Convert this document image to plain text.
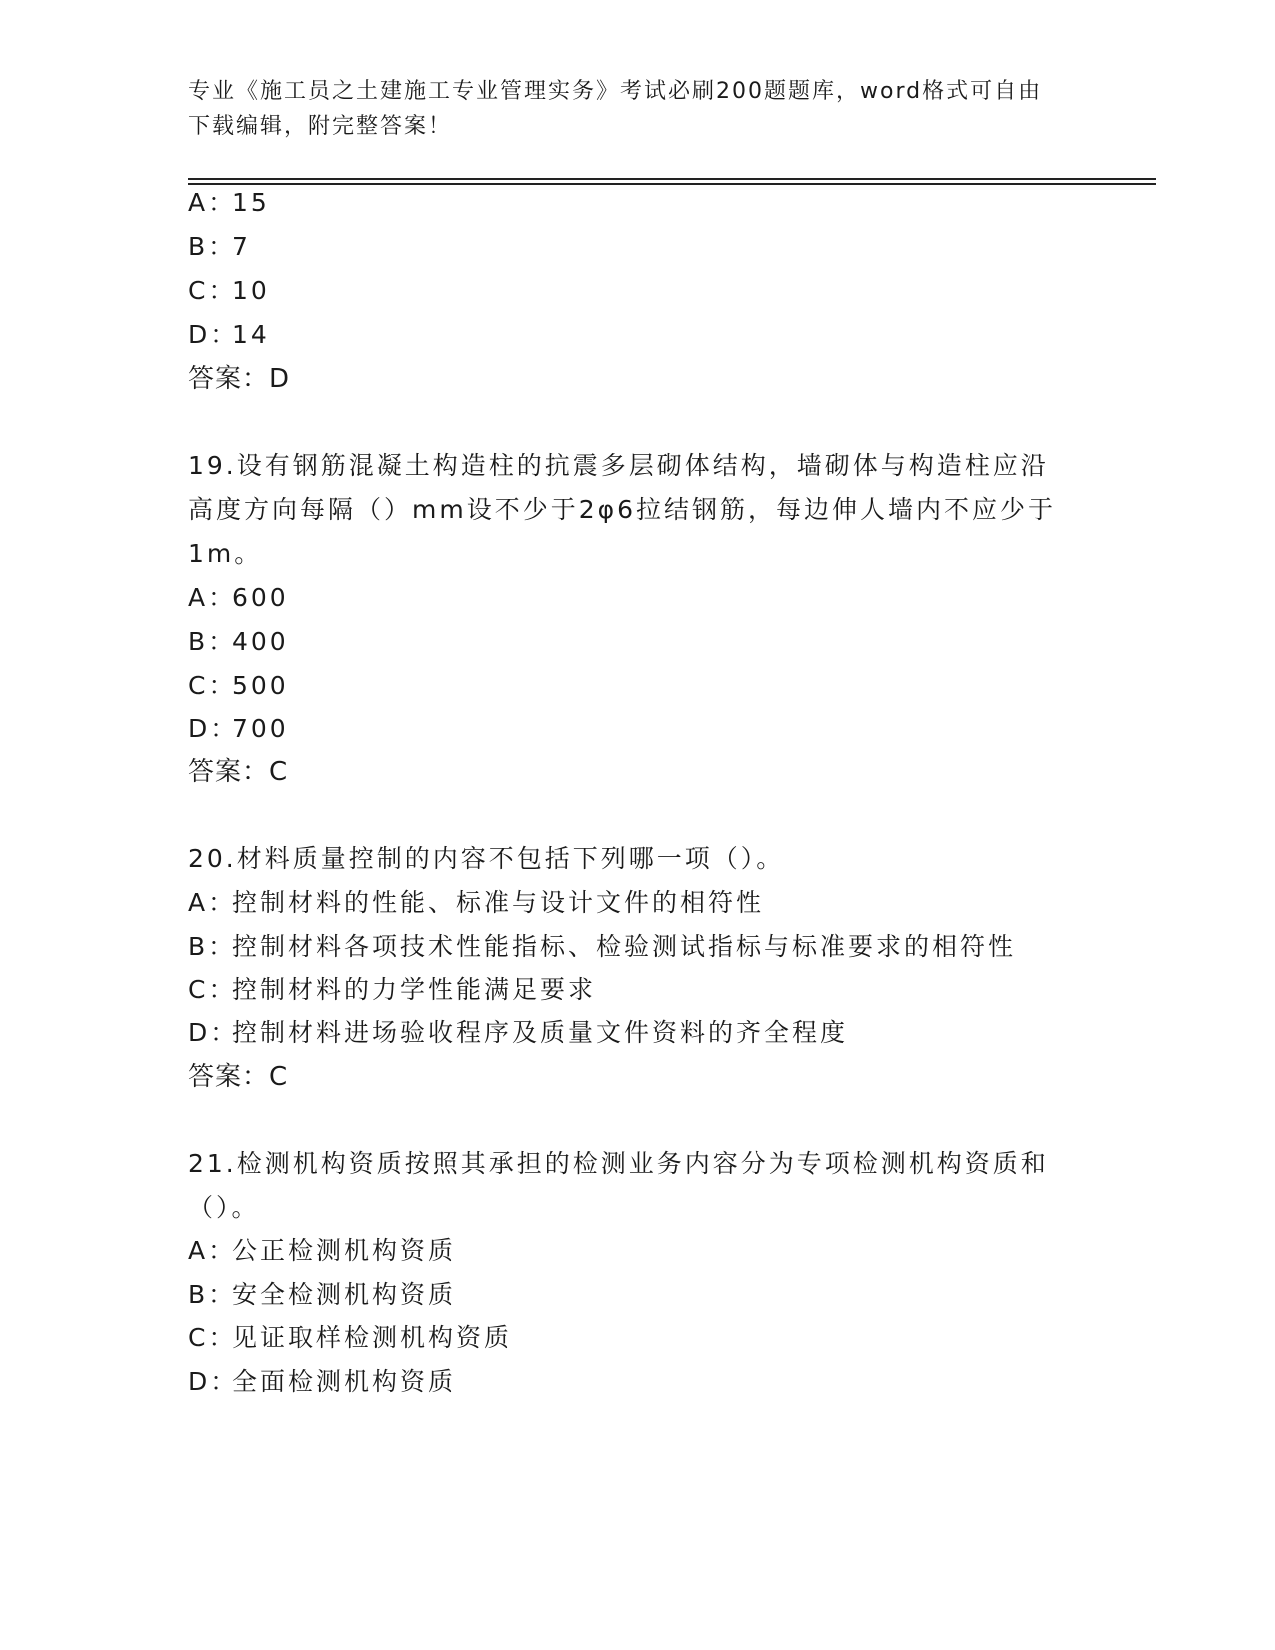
专业《施工员之土建施工专业管理实务》考试必刷200题题库，word格式可自由
下载编辑，附完整答案！
A：15
B：7
C：10
D：14
答案：D
19.设有钢筋混凝土构造柱的抗震多层砌体结构，墙砌体与构造柱应沿
高度方向每隔（）mm设不少于2φ6拉结钢筋，每边伸人墙内不应少于
1m。
A：600
B：400
C：500
D：700
答案：C
20.材料质量控制的内容不包括下列哪一项（）。
A：控制材料的性能、标准与设计文件的相符性
B：控制材料各项技术性能指标、检验测试指标与标准要求的相符性
C：控制材料的力学性能满足要求
D：控制材料进场验收程序及质量文件资料的齐全程度
答案：C
21.检测机构资质按照其承担的检测业务内容分为专项检测机构资质和
（）。
A：公正检测机构资质
B：安全检测机构资质
C：见证取样检测机构资质
D：全面检测机构资质
